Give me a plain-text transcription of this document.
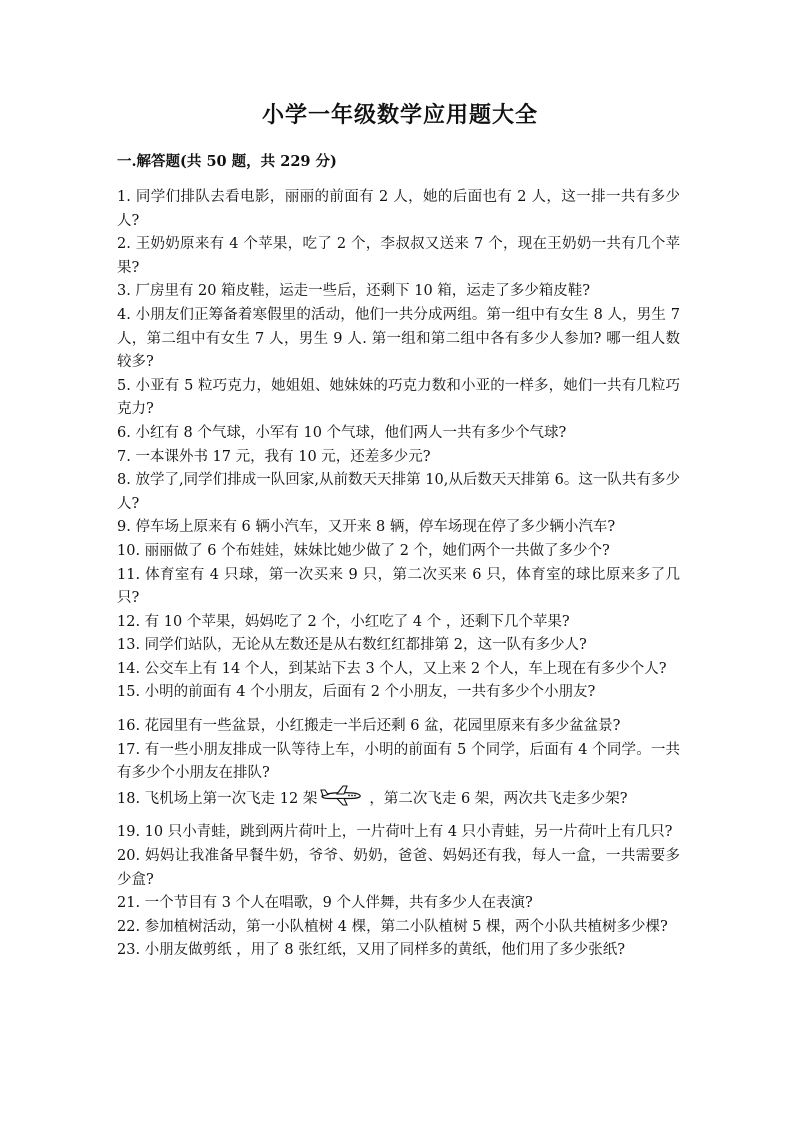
小学一年级数学应用题大全
一.解答题(共 50 题，共 229 分)

1. 同学们排队去看电影，丽丽的前面有 2 人，她的后面也有 2 人，这一排一共有多少人?

2. 王奶奶原来有 4 个苹果，吃了 2 个，李叔叔又送来 7 个，现在王奶奶一共有几个苹果?

3. 厂房里有 20 箱皮鞋，运走一些后，还剩下 10 箱，运走了多少箱皮鞋?

4. 小朋友们正筹备着寒假里的活动，他们一共分成两组。第一组中有女生 8 人，男生 7 人，第二组中有女生 7 人，男生 9 人. 第一组和第二组中各有多少人参加? 哪一组人数较多?

5. 小亚有 5 粒巧克力，她姐姐、她妹妹的巧克力数和小亚的一样多，她们一共有几粒巧克力?

6. 小红有 8 个气球，小军有 10 个气球，他们两人一共有多少个气球?

7. 一本课外书 17 元，我有 10 元，还差多少元?

8. 放学了,同学们排成一队回家,从前数天天排第 10,从后数天天排第 6。这一队共有多少人?

9. 停车场上原来有 6 辆小汽车，又开来 8 辆，停车场现在停了多少辆小汽车?

10. 丽丽做了 6 个布娃娃，妹妹比她少做了 2 个，她们两个一共做了多少个?

11. 体育室有 4 只球，第一次买来 9 只，第二次买来 6 只，体育室的球比原来多了几只?

12. 有 10 个苹果，妈妈吃了 2 个，小红吃了 4 个 ，还剩下几个苹果?

13. 同学们站队，无论从左数还是从右数红红都排第 2，这一队有多少人?

14. 公交车上有 14 个人，到某站下去 3 个人，又上来 2 个人，车上现在有多少个人?

15. 小明的前面有 4 个小朋友，后面有 2 个小朋友，一共有多少个小朋友?

16. 花园里有一些盆景，小红搬走一半后还剩 6 盆，花园里原来有多少盆盆景?

17. 有一些小朋友排成一队等待上车，小明的前面有 5 个同学，后面有 4 个同学。一共有多少个小朋友在排队?

18. 飞机场上第一次飞走 12 架	，第二次飞走 6 架，两次共飞走多少架?

19. 10 只小青蛙，跳到两片荷叶上，一片荷叶上有 4 只小青蛙，另一片荷叶上有几只?

20. 妈妈让我准备早餐牛奶，爷爷、奶奶，爸爸、妈妈还有我，每人一盒，一共需要多少盒?

21. 一个节目有 3 个人在唱歌，9 个人伴舞，共有多少人在表演?

22. 参加植树活动，第一小队植树 4 棵，第二小队植树 5 棵，两个小队共植树多少棵?

23. 小朋友做剪纸 ，用了 8 张红纸，又用了同样多的黄纸，他们用了多少张纸?
